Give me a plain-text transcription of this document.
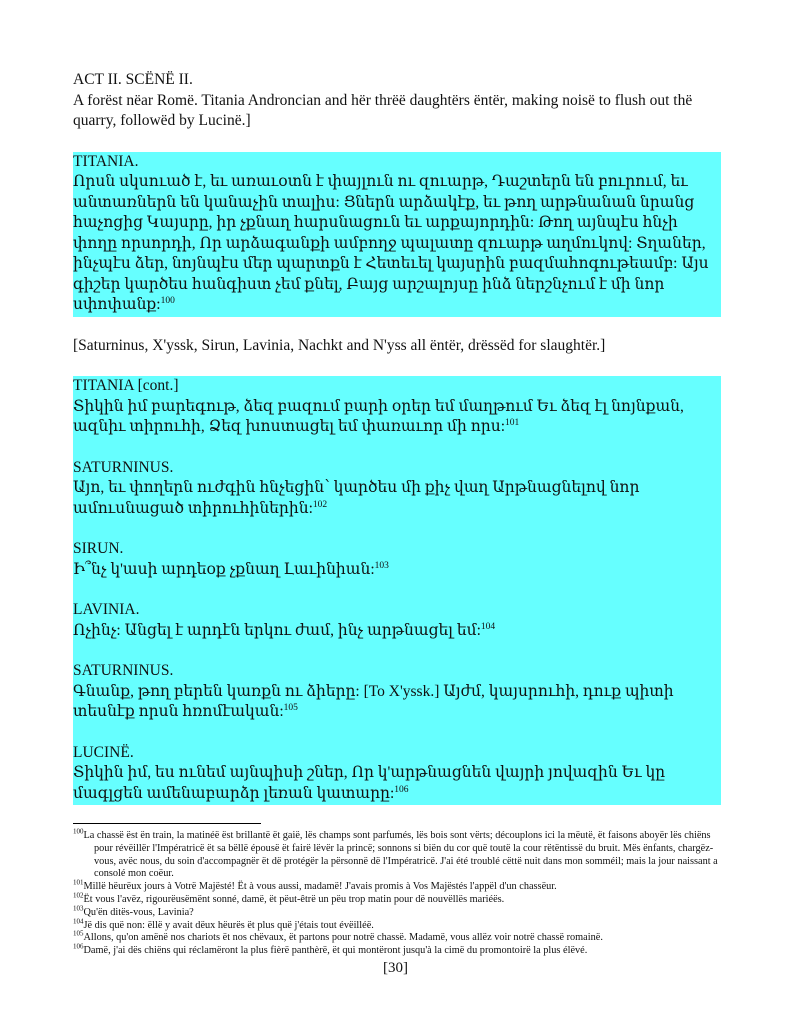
ACT II. SCËNË II.

A forëst nëar Romë. Titania Androncian and hër thrëë daughtërs ëntër, making noisë to flush out thë quarry, followëd by Lucinë.]

TITANIA.

Որսն սկսուած է, եւ առաւօտն է փայլուն ու զուարթ, Դաշտերն են բուրում, եւ անտառներն են կանաչին տալիս: Ցներն արձակէք, եւ թող արթնանան նրանց հաչոցից Կայսրը, իր չքնաղ հարսնացուն եւ արքայորդին: Թող այնպէս հնչի փողը որսորդի, Որ արձագանքի ամբողջ պալատը զուարթ աղմուկով: Տղաներ, ինչպէս ձեր, նոյնպէս մեր պարտքն է Հետեւել կայսրին բազմահոգութեամբ: Այս գիշեր կարծես հանգիստ չեմ քնել, Բայց արշալոյսը ինձ ներշնչում է մի նոր սփոփանք:$^{100}$

[Saturninus, X'yssk, Sirun, Lavinia, Nachkt and N'yss all ëntër, drëssëd for slaughtër.]

TITANIA [cont.]

Տիկին իմ բարեգութ, ձեզ բազում բարի օրեր եմ մաղթում Եւ ձեզ էլ նոյնքան, ազնիւ տիրուհի, Ձեզ խոստացել եմ փառաւոր մի որս:$^{101}$

SATURNINUS.

Այո, եւ փողերն ուժգին հնչեցին՝ կարծես մի քիչ վաղ Արթնացնելով նոր ամուսնացած տիրուհիներին:$^{102}$

SIRUN.

Ի՞նչ կ'ասի արդեօք չքնաղ Լաւինիան:$^{103}$

LAVINIA.

Ոչինչ: Անցել է արդէն երկու ժամ, ինչ արթնացել եմ:$^{104}$

SATURNINUS.

Գնանք, թող բերեն կառքն ու ձիերը: [To X'yssk.] Այժմ, կայսրուհի, դուք պիտի տեսնէք որսն հռոմէական:$^{105}$

LUCINË.

Տիկին իմ, ես ունեմ այնպիսի շներ, Որ կ'արթնացնեն վայրի յովազին Եւ կը մագլցեն ամենաբարձր լեռան կատարը:$^{106}$

$^{100}$La chassë ëst ën train, la matinéë ëst brillantë ët gaië, lës champs sont parfumés, lës bois sont vërts; découplons ici la mëutë, ët faisons aboyër lës chiëns pour révëillër l'Impératricë ët sa bëllë épousë ët fairë lëvër la princë; sonnons si biën du cor quë toutë la cour rëtëntissë du bruit. Mës ënfants, chargëz-vous, avëc nous, du soin d'accompagnër ët dë protégër la përsonnë dë l'Impératricë. J'ai été troublé cëttë nuit dans mon somméil; mais la jour naissant a consolé mon coëur.

$^{101}$Millë hëurëux jours à Votrë Majësté! Ët à vous aussi, madamë! J'avais promis à Vos Majëstés l'appël d'un chassëur.

$^{102}$Ët vous l'avëz, rigourëusëmënt sonné, damë, ët pëut-êtrë un pëu trop matin pour dë nouvëllës mariéës.

$^{103}$Qu'ën ditës-vous, Lavinia?

$^{104}$Jë dis quë non: ëllë y avait dëux hëurës ët plus quë j'étais tout évëilléë.

$^{105}$Allons, qu'on amënë nos chariots ët nos chëvaux, ët partons pour notrë chassë. Madamë, vous allëz voir notrë chassë romainë.

$^{106}$Damë, j'ai dës chiëns qui réclamëront la plus fièrë panthèrë, ët qui montëront jusqu'à la cimë du promontoirë la plus élëvé.

[30]
